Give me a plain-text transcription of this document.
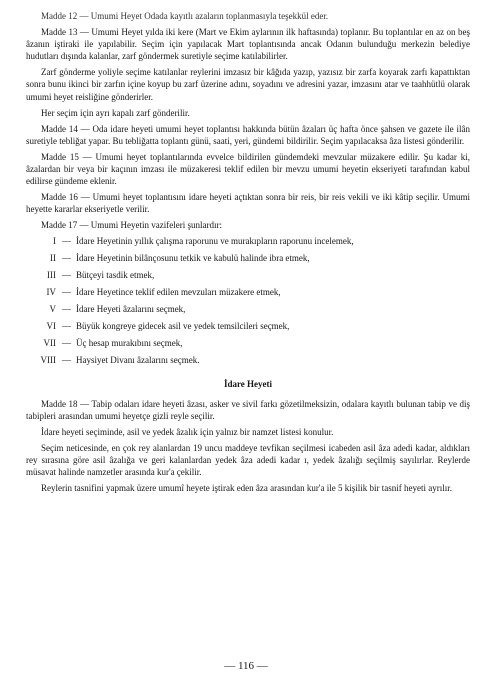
Madde 12 — Umumi Heyet Odada kayıtlı azaların toplanmasıyla teşekkül eder.

Madde 13 — Umumi Heyet yılda iki kere (Mart ve Ekim aylarının ilk haftasında) toplanır. Bu toplantılar en az on beş âzanın iştiraki ile yapılabilir. Seçim için yapılacak Mart toplantısında ancak Odanın bulunduğu merkezin belediye hudutları dışında kalanlar, zarf göndermek suretiyle seçime katılabilirler.

Zarf gönderme yoliyle seçime katılanlar reylerini imzasız bir kâğıda yazıp, yazısız bir zarfa koyarak zarfı kapattıktan sonra bunu ikinci bir zarfın içine koyup bu zarf üzerine adını, soyadını ve adresini yazar, imzasını atar ve taahhütlü olarak umumi heyet reisliğine gönderirler.

Her seçim için ayrı kapalı zarf gönderilir.

Madde 14 — Oda idare heyeti umumi heyet toplantısı hakkında bütün âzaları üç hafta önce şahsen ve gazete ile ilân suretiyle tebliğat yapar. Bu tebliğatta toplantı günü, saati, yeri, gündemi bildirilir. Seçim yapılacaksa âza listesi gönderilir.

Madde 15 — Umumi heyet toplantılarında evvelce bildirilen gündemdeki mevzular müzakere edilir. Şu kadar ki, âzalardan bir veya bir kaçının imzası ile müzakeresi teklif edilen bir mevzu umumi heyetin ekseriyeti tarafından kabul edilirse gündeme eklenir.

Madde 16 — Umumi heyet toplantısını idare heyeti açtıktan sonra bir reis, bir reis vekili ve iki kâtip seçilir. Umumi heyette kararlar ekseriyetle verilir.

Madde 17 — Umumi Heyetin vazifeleri şunlardır:

I — İdare Heyetinin yıllık çalışma raporunu ve murakıpların raporunu incelemek,
II — İdare Heyetinin bilânçosunu tetkik ve kabulü halinde ibra etmek,
III — Bütçeyi tasdik etmek,
IV — İdare Heyetince teklif edilen mevzuları müzakere etmek,
V — İdare Heyeti âzalarını seçmek,
VI — Büyük kongreye gidecek asil ve yedek temsilcileri seçmek,
VII — Üç hesap murakıbını seçmek,
VIII — Haysiyet Divanı âzalarını seçmek.
İdare Heyeti

Madde 18 — Tabip odaları idare heyeti âzası, asker ve sivil farkı gözetilmeksizin, odalara kayıtlı bulunan tabip ve diş tabipleri arasından umumi heyetçe gizli reyle seçilir.

İdare heyeti seçiminde, asil ve yedek âzalık için yalnız bir namzet listesi konulur.

Seçim neticesinde, en çok rey alanlardan 19 uncu maddeye tevfikan seçilmesi icabeden asil âza adedi kadar, aldıkları rey sırasına göre asil âzalığa ve geri kalanlardan yedek âza adedi kadar ı, yedek âzalığı seçilmiş sayılırlar. Reylerde müsavat halinde namzetler arasında kur'a çekilir.

Reylerin tasnifini yapmak üzere umumî heyete iştirak eden âza arasından kur'a ile 5 kişilik bir tasnif heyeti ayrılır.

— 116 —
